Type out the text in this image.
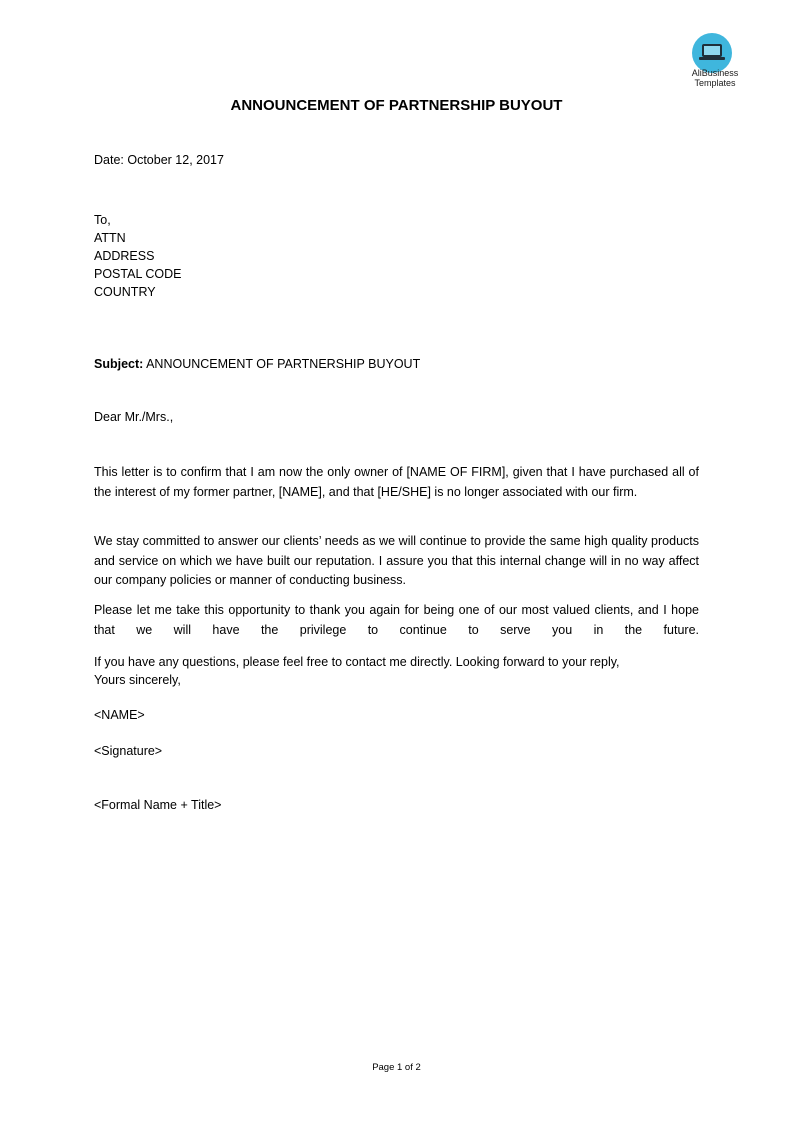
AliBusiness
Templates
ANNOUNCEMENT OF PARTNERSHIP BUYOUT
Date: October 12, 2017
To,
ATTN
ADDRESS
POSTAL CODE
COUNTRY
Subject: ANNOUNCEMENT OF PARTNERSHIP BUYOUT
Dear Mr./Mrs.,
This letter is to confirm that I am now the only owner of [NAME OF FIRM], given that I have purchased all of the interest of my former partner, [NAME], and that [HE/SHE] is no longer associated with our firm.
We stay committed to answer our clients’ needs as we will continue to provide the same high quality products and service on which we have built our reputation. I assure you that this internal change will in no way affect our company policies or manner of conducting business.
Please let me take this opportunity to thank you again for being one of our most valued clients, and I hope that we will have the privilege to continue to serve you in the future.
If you have any questions, please feel free to contact me directly. Looking forward to your reply,
Yours sincerely,
<NAME>
<Signature>
<Formal Name + Title>
Page 1 of 2
